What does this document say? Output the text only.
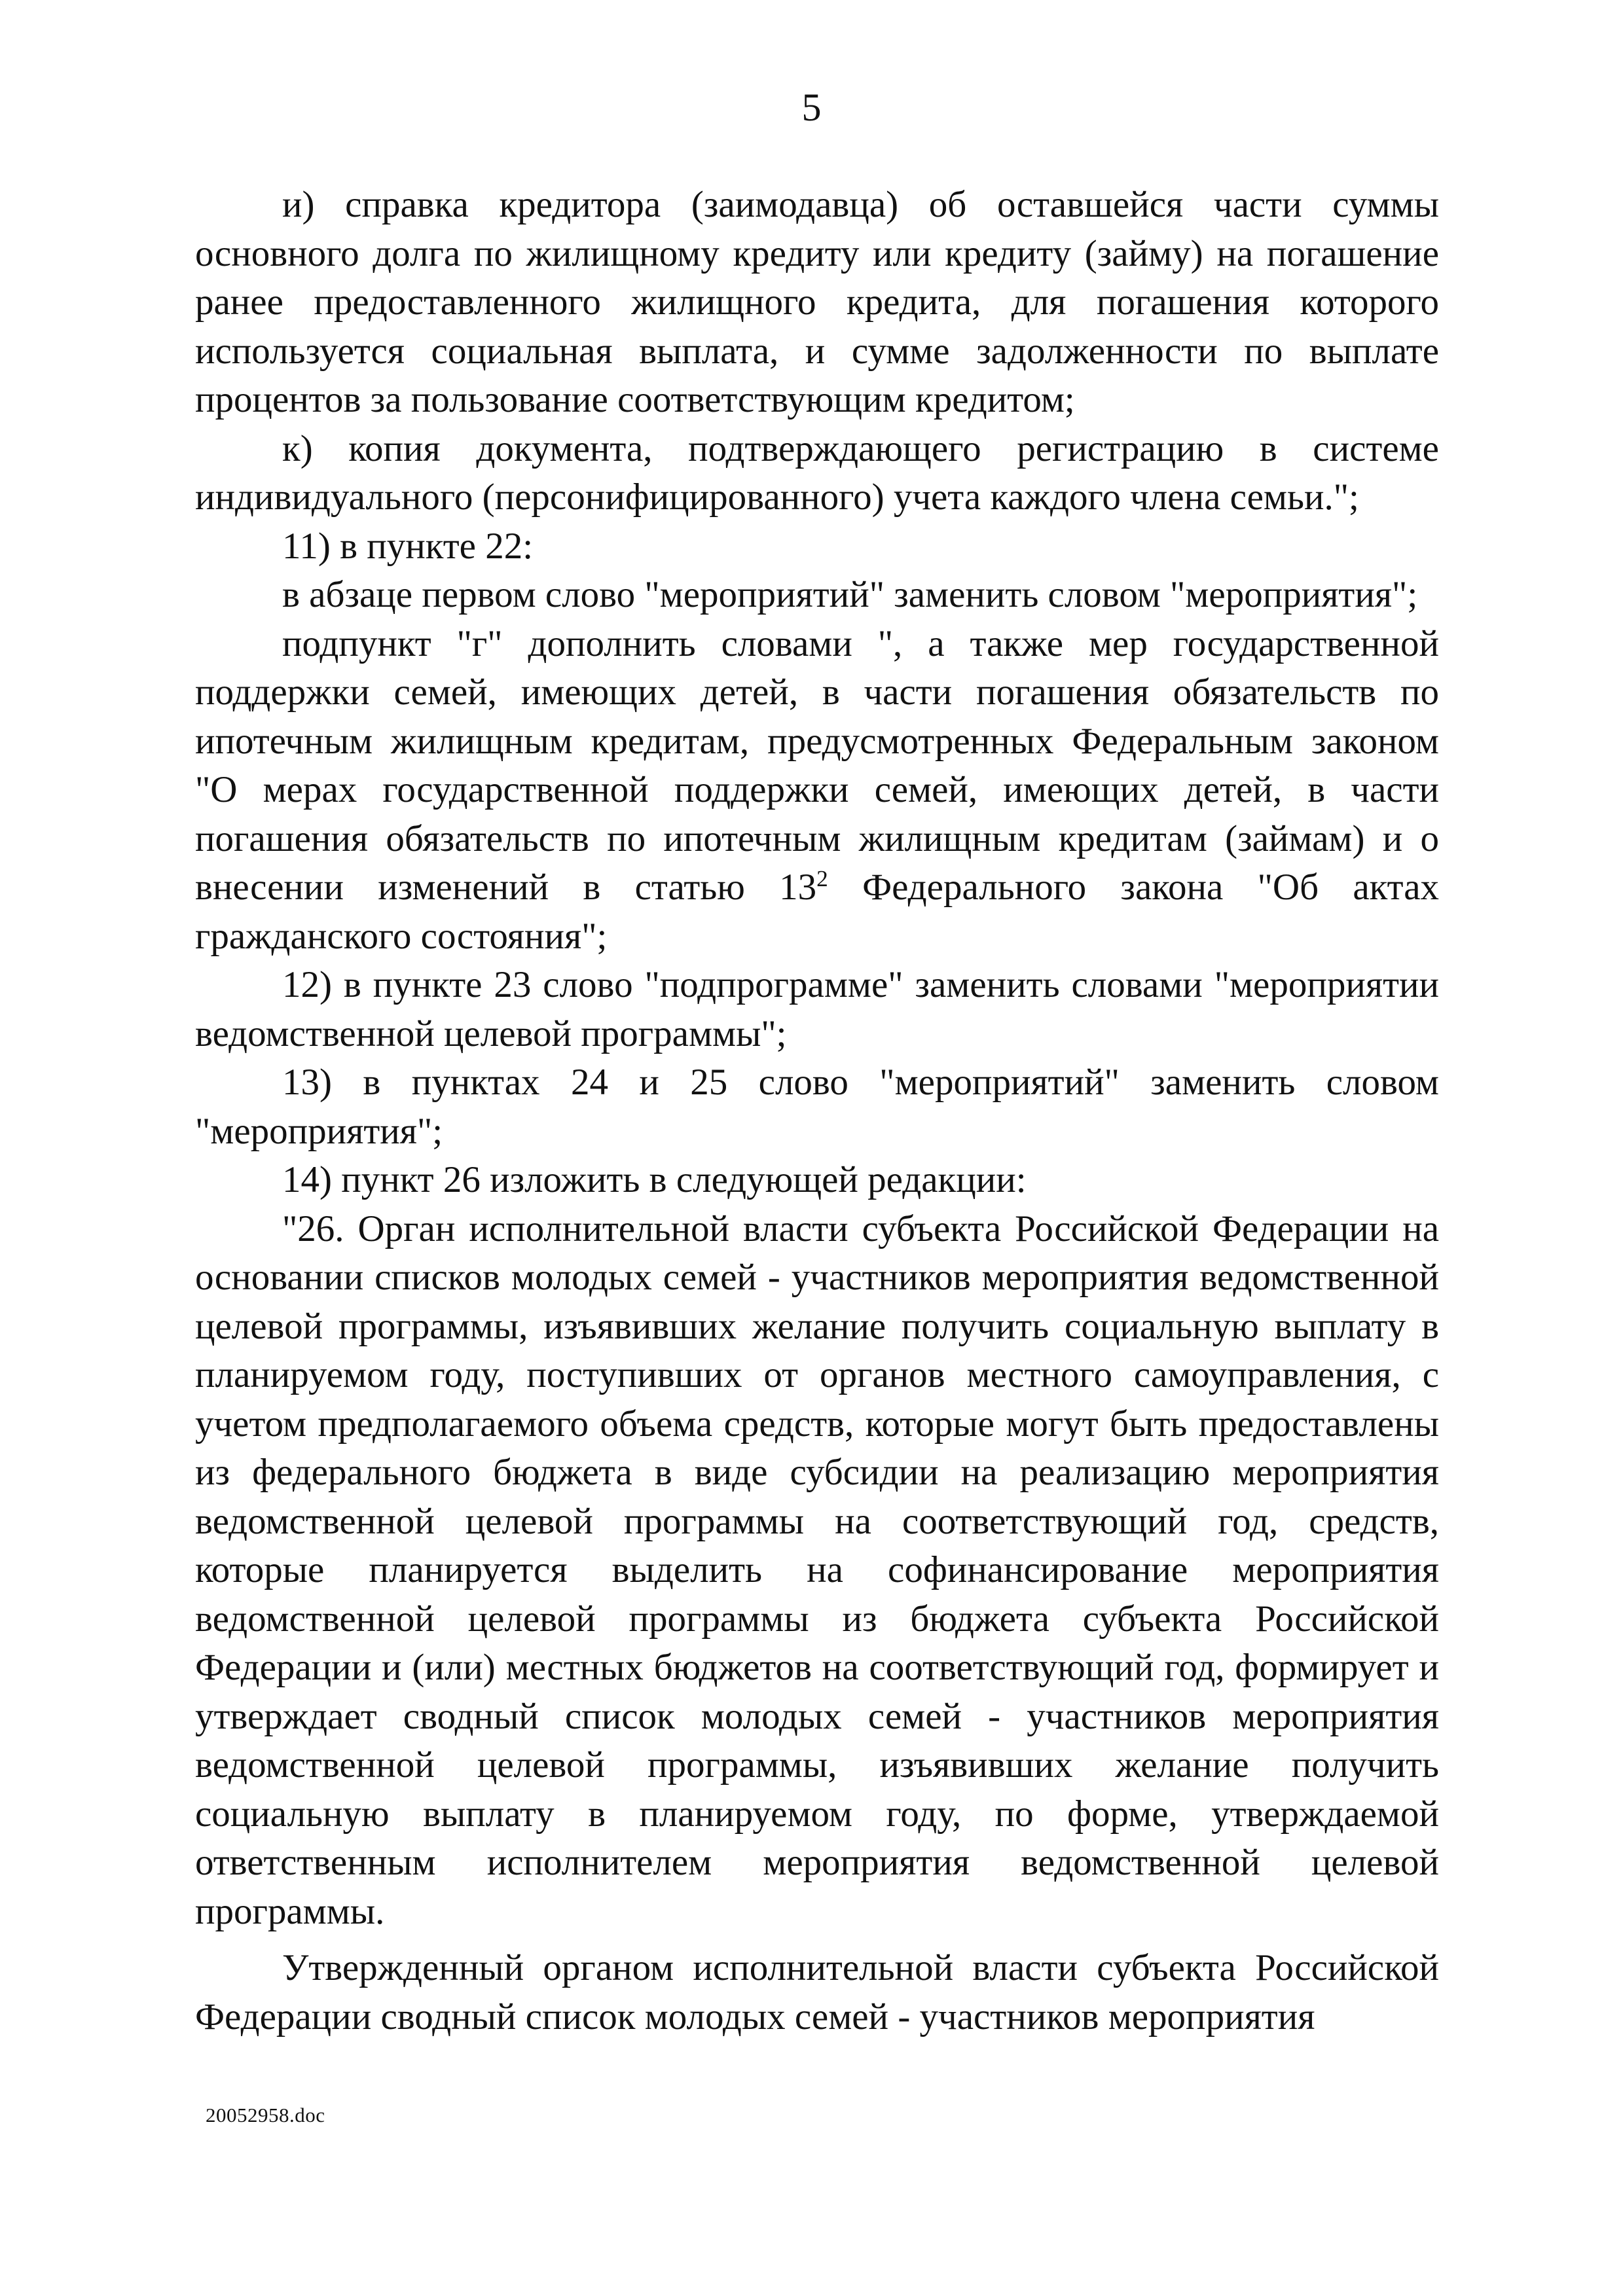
5

и) справка кредитора (заимодавца) об оставшейся части суммы основного долга по жилищному кредиту или кредиту (займу) на погашение ранее предоставленного жилищного кредита, для погашения которого используется социальная выплата, и сумме задолженности по выплате процентов за пользование соответствующим кредитом;

к) копия документа, подтверждающего регистрацию в системе индивидуального (персонифицированного) учета каждого члена семьи.";

11) в пункте 22:

в абзаце первом слово "мероприятий" заменить словом "мероприятия";

подпункт "г" дополнить словами ", а также мер государственной поддержки семей, имеющих детей, в части погашения обязательств по ипотечным жилищным кредитам, предусмотренных Федеральным законом "О мерах государственной поддержки семей, имеющих детей, в части погашения обязательств по ипотечным жилищным кредитам (займам) и о внесении изменений в статью $13^2$ Федерального закона "Об актах гражданского состояния";

12) в пункте 23 слово "подпрограмме" заменить словами "мероприятии ведомственной целевой программы";

13) в пунктах 24 и 25 слово "мероприятий" заменить словом "мероприятия";

14) пункт 26 изложить в следующей редакции:

"26. Орган исполнительной власти субъекта Российской Федерации на основании списков молодых семей - участников мероприятия ведомственной целевой программы, изъявивших желание получить социальную выплату в планируемом году, поступивших от органов местного самоуправления, с учетом предполагаемого объема средств, которые могут быть предоставлены из федерального бюджета в виде субсидии на реализацию мероприятия ведомственной целевой программы на соответствующий год, средств, которые планируется выделить на софинансирование мероприятия ведомственной целевой программы из бюджета субъекта Российской Федерации и (или) местных бюджетов на соответствующий год, формирует и утверждает сводный список молодых семей - участников мероприятия ведомственной целевой программы, изъявивших желание получить социальную выплату в планируемом году, по форме, утверждаемой ответственным исполнителем мероприятия ведомственной целевой программы.

Утвержденный органом исполнительной власти субъекта Российской Федерации сводный список молодых семей - участников мероприятия

20052958.doc
